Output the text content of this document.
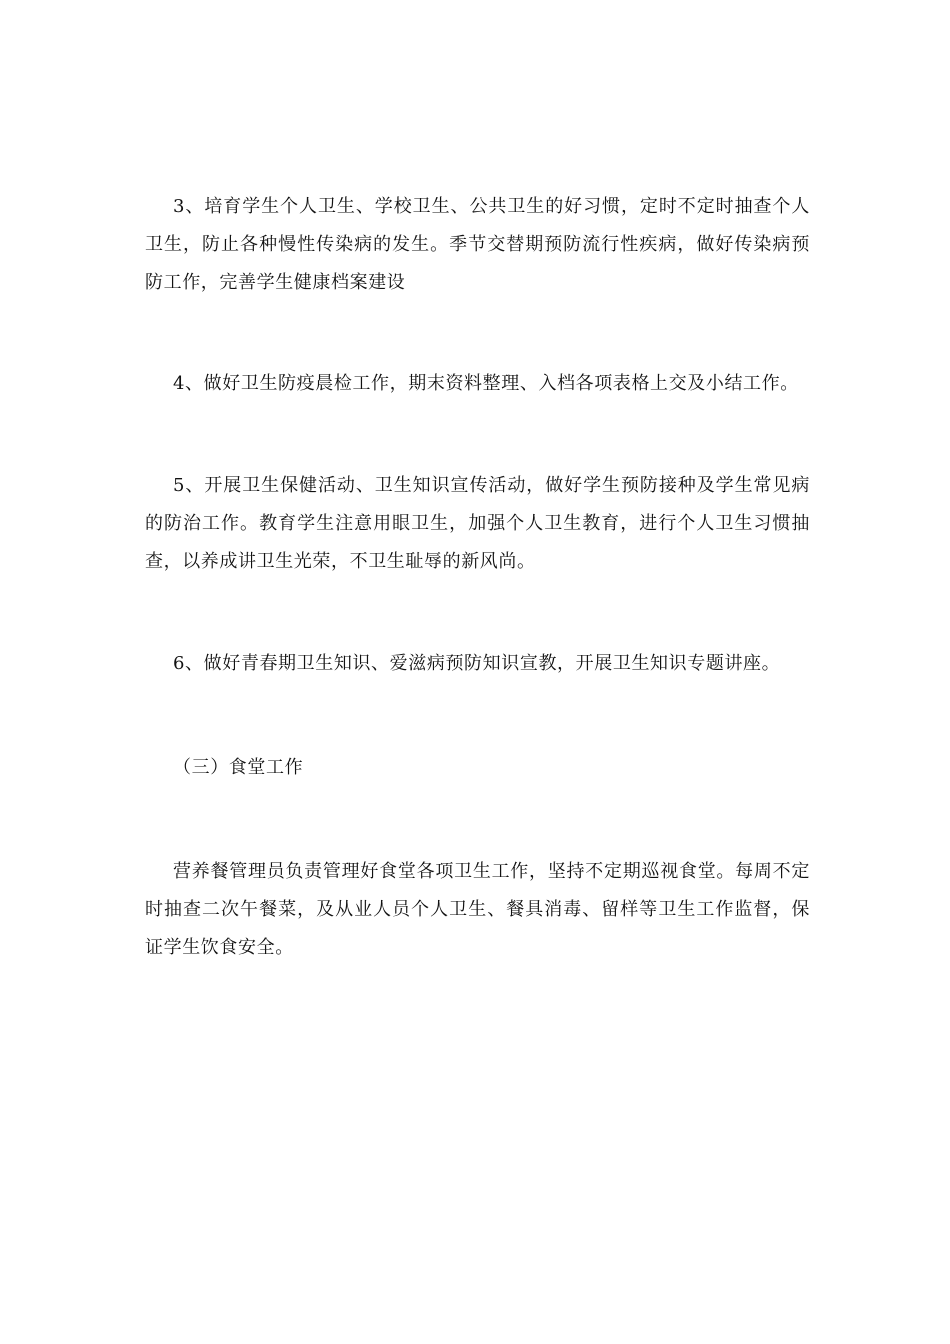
3、培育学生个人卫生、学校卫生、公共卫生的好习惯，定时不定时抽查个人卫生，防止各种慢性传染病的发生。季节交替期预防流行性疾病，做好传染病预防工作，完善学生健康档案建设

4、做好卫生防疫晨检工作，期末资料整理、入档各项表格上交及小结工作。

5、开展卫生保健活动、卫生知识宣传活动，做好学生预防接种及学生常见病的防治工作。教育学生注意用眼卫生，加强个人卫生教育，进行个人卫生习惯抽查，以养成讲卫生光荣，不卫生耻辱的新风尚。

6、做好青春期卫生知识、爱滋病预防知识宣教，开展卫生知识专题讲座。

（三）食堂工作

营养餐管理员负责管理好食堂各项卫生工作，坚持不定期巡视食堂。每周不定时抽查二次午餐菜，及从业人员个人卫生、餐具消毒、留样等卫生工作监督，保证学生饮食安全。
